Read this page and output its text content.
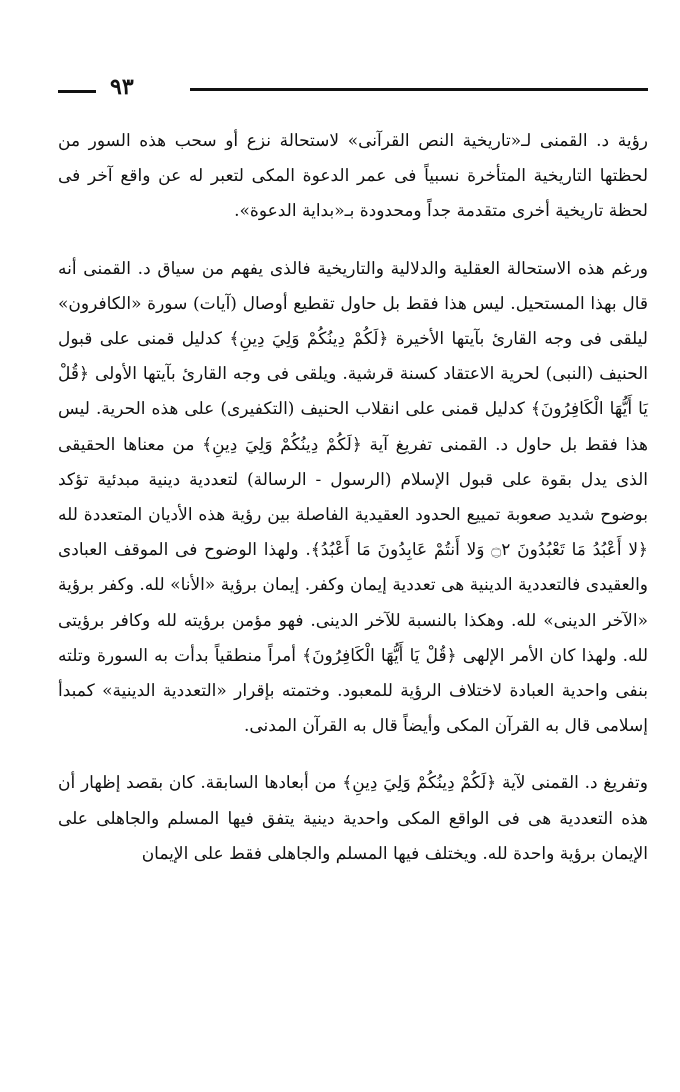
٩٣

رؤية د. القمنى لـ«تاريخية النص القرآنى» لاستحالة نزع أو سحب هذه السور من لحظتها التاريخية المتأخرة نسبياً فى عمر الدعوة المكى لتعبر له عن واقع آخر فى لحظة تاريخية أخرى متقدمة جداً ومحدودة بـ«بداية الدعوة».

ورغم هذه الاستحالة العقلية والدلالية والتاريخية فالذى يفهم من سياق د. القمنى أنه قال بهذا المستحيل. ليس هذا فقط بل حاول تقطيع أوصال (آيات) سورة «الكافرون» ليلقى فى وجه القارئ بآيتها الأخيرة ﴿لَكُمْ دِينُكُمْ وَلِيَ دِينِ﴾ كدليل قمنى على قبول الحنيف (النبى) لحرية الاعتقاد كسنة قرشية. ويلقى فى وجه القارئ بآيتها الأولى ﴿قُلْ يَا أَيُّهَا الْكَافِرُونَ﴾ كدليل قمنى على انقلاب الحنيف (التكفيرى) على هذه الحرية. ليس هذا فقط بل حاول د. القمنى تفريغ آية ﴿لَكُمْ دِينُكُمْ وَلِيَ دِينِ﴾ من معناها الحقيقى الذى يدل بقوة على قبول الإسلام (الرسول - الرسالة) لتعددية دينية مبدئية تؤكد بوضوح شديد صعوبة تمييع الحدود العقيدية الفاصلة بين رؤية هذه الأديان المتعددة لله ﴿لا أَعْبُدُ مَا تَعْبُدُونَ ۝٢ وَلا أَنتُمْ عَابِدُونَ مَا أَعْبُدُ﴾. ولهذا الوضوح فى الموقف العبادى والعقيدى فالتعددية الدينية هى تعددية إيمان وكفر. إيمان برؤية «الأنا» لله. وكفر برؤية «الآخر الدينى» لله. وهكذا بالنسبة للآخر الدينى. فهو مؤمن برؤيته لله وكافر برؤيتى لله. ولهذا كان الأمر الإلهى ﴿قُلْ يَا أَيُّهَا الْكَافِرُونَ﴾ أمراً منطقياً بدأت به السورة وتلته بنفى واحدية العبادة لاختلاف الرؤية للمعبود. وختمته بإقرار «التعددية الدينية» كمبدأ إسلامى قال به القرآن المكى وأيضاً قال به القرآن المدنى.

وتفريغ د. القمنى لآية ﴿لَكُمْ دِينُكُمْ وَلِيَ دِينِ﴾ من أبعادها السابقة. كان بقصد إظهار أن هذه التعددية هى فى الواقع المكى واحدية دينية يتفق فيها المسلم والجاهلى على الإيمان برؤية واحدة لله. ويختلف فيها المسلم والجاهلى فقط على الإيمان
